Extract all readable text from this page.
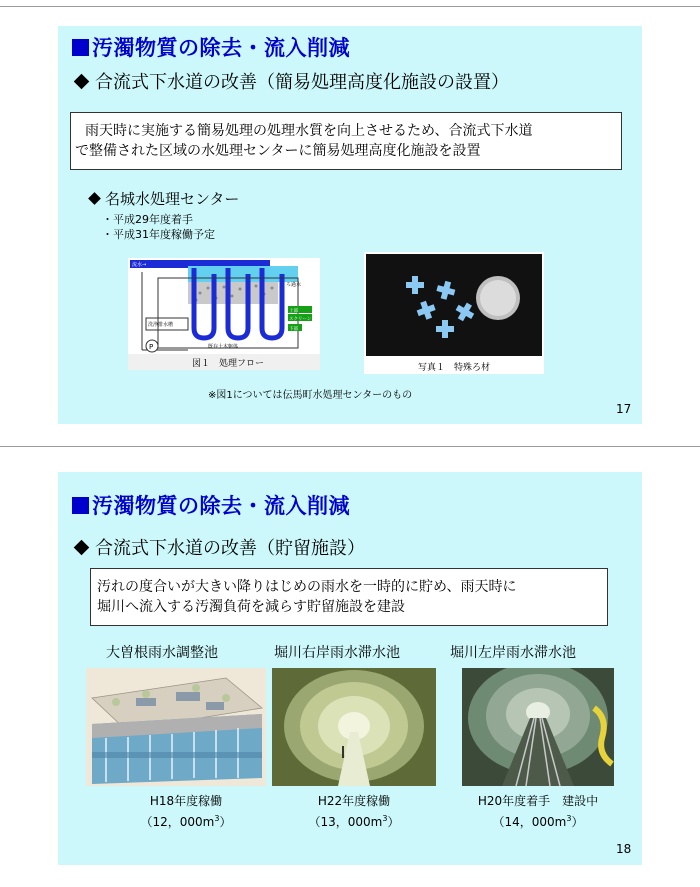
汚濁物質の除去・流入削減
合流式下水道の改善（簡易処理高度化施設の設置）
雨天時に実施する簡易処理の処理水質を向上させるため、合流式下水道
で整備された区域の水処理センターに簡易処理高度化施設を設置
名城水処理センター
・ 平成29年度着手
・ 平成31年度稼働予定
P
流水→
ろ過水
洗浄排水槽
既存土木躯体
上部
スクリーン
下部
図１　処理フロー	写真１　特殊ろ材
※図1については伝馬町水処理センターのもの
17
汚濁物質の除去・流入削減
合流式下水道の改善（貯留施設）
汚れの度合いが大きい降りはじめの雨水を一時的に貯め、雨天時に
堀川へ流入する汚濁負荷を減らす貯留施設を建設
大曽根雨水調整池	堀川右岸雨水滞水池	堀川左岸雨水滞水池
H18年度稼働
（12，$000m^3$）
H22年度稼働
（13，$000m^3$）
H20年度着手　建設中
（14，$000m^3$）
18
